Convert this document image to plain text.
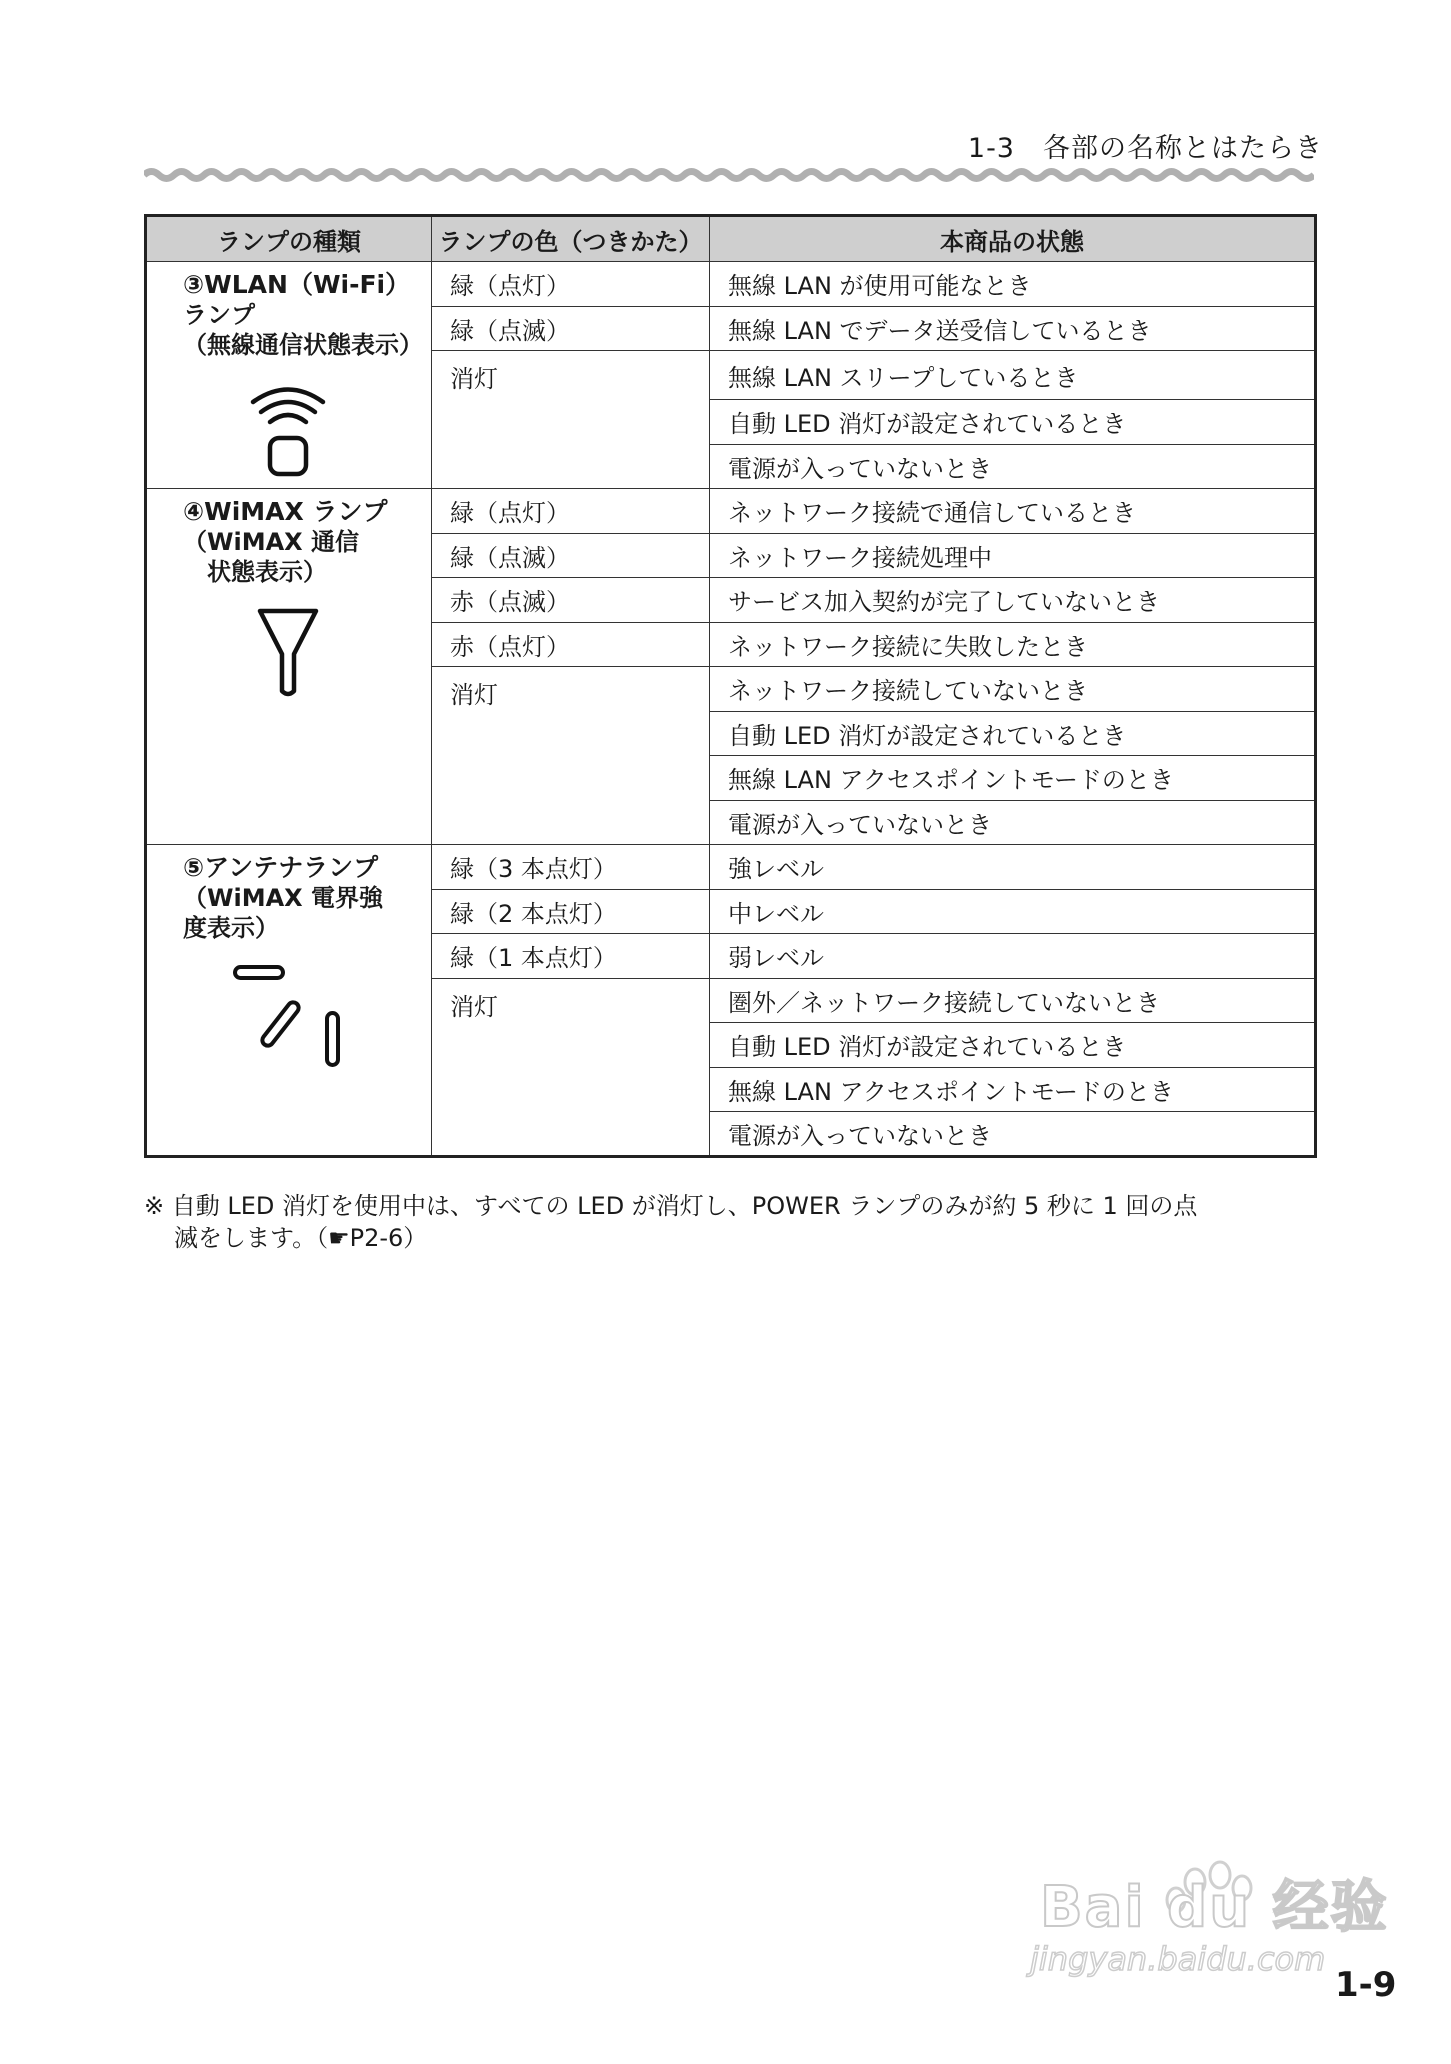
1-3　各部の名称とはたらき
ランプの種類	ランプの色（つきかた）	本商品の状態

③WLAN（Wi-Fi）
ランプ
（無線通信状態表示）	緑（点灯）	無線 LAN が使用可能なとき
	緑（点滅）	無線 LAN でデータ送受信しているとき
	消灯	無線 LAN スリープしているとき
		自動 LED 消灯が設定されているとき
		電源が入っていないとき

④WiMAX ランプ
（WiMAX 通信
　状態表示）	緑（点灯）	ネットワーク接続で通信しているとき
	緑（点滅）	ネットワーク接続処理中
	赤（点滅）	サービス加入契約が完了していないとき
	赤（点灯）	ネットワーク接続に失敗したとき
	消灯	ネットワーク接続していないとき
		自動 LED 消灯が設定されているとき
		無線 LAN アクセスポイントモードのとき
		電源が入っていないとき

⑤アンテナランプ
（WiMAX 電界強
度表示）	緑（3 本点灯）	強レベル
	緑（2 本点灯）	中レベル
	緑（1 本点灯）	弱レベル
	消灯	圏外／ネットワーク接続していないとき
		自動 LED 消灯が設定されているとき
		無線 LAN アクセスポイントモードのとき
		電源が入っていないとき
※ 自動 LED 消灯を使用中は、すべての LED が消灯し、POWER ランプのみが約 5 秒に 1 回の点
滅をします。（☛P2-6）
Bai du 经验
jingyan.baidu.com
1-9
